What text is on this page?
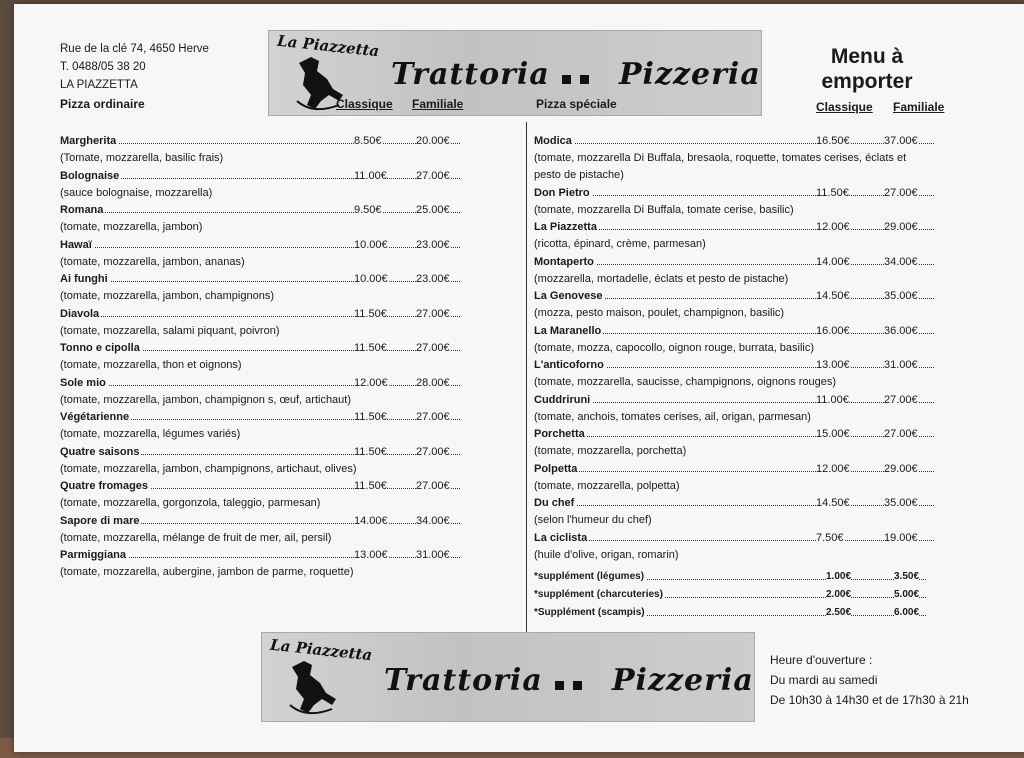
Rue de la clé 74, 4650 Herve
T. 0488/05 38 20
LA PIAZZETTA
Pizza ordinaire
La Piazzetta
Trattoria Pizzeria
Classique Familiale	Pizza spéciale
Menu à emporter
Classique Familiale
Margherita	8.50€	20.00€
(Tomate, mozzarella, basilic frais)
Bolognaise	11.00€	27.00€
(sauce bolognaise, mozzarella)
Romana	9.50€	25.00€
(tomate, mozzarella, jambon)
Hawaï	10.00€	23.00€
(tomate, mozzarella, jambon, ananas)
Ai funghi	10.00€	23.00€
(tomate, mozzarella, jambon, champignons)
Diavola	11.50€	27.00€
(tomate, mozzarella, salami piquant, poivron)
Tonno e cipolla	11.50€	27.00€
(tomate, mozzarella, thon et oignons)
Sole mio	12.00€	28.00€
(tomate, mozzarella, jambon, champignon s, œuf, artichaut)
Végétarienne	11.50€	27.00€
(tomate, mozzarella, légumes variés)
Quatre saisons	11.50€	27.00€
(tomate, mozzarella, jambon, champignons, artichaut, olives)
Quatre fromages	11.50€	27.00€
(tomate, mozzarella, gorgonzola, taleggio, parmesan)
Sapore di mare	14.00€	34.00€
(tomate, mozzarella, mélange de fruit de mer, ail, persil)
Parmiggiana	13.00€	31.00€
(tomate, mozzarella, aubergine, jambon de parme, roquette)
Modica	16.50€	37.00€
(tomate, mozzarella Di Buffala, bresaola, roquette, tomates cerises, éclats et
pesto de pistache)
Don Pietro	11.50€	27.00€
(tomate, mozzarella Di Buffala, tomate cerise, basilic)
La Piazzetta	12.00€	29.00€
(ricotta, épinard, crème, parmesan)
Montaperto	14.00€	34.00€
(mozzarella, mortadelle, éclats et pesto de pistache)
La Genovese	14.50€	35.00€
(mozza, pesto maison, poulet, champignon, basilic)
La Maranello	16.00€	36.00€
(tomate, mozza, capocollo, oignon rouge, burrata, basilic)
L'anticoforno	13.00€	31.00€
(tomate, mozzarella, saucisse, champignons, oignons rouges)
Cuddriruni	11.00€	27.00€
(tomate, anchois, tomates cerises, ail, origan, parmesan)
Porchetta	15.00€	27.00€
(tomate, mozzarella, porchetta)
Polpetta	12.00€	29.00€
(tomate, mozzarella, polpetta)
Du chef	14.50€	35.00€
(selon l'humeur du chef)
La ciclista	7.50€	19.00€
(huile d'olive, origan, romarin)
*supplément (légumes)	1.00€	3.50€
*supplément (charcuteries)	2.00€	5.00€
*Supplément (scampis)	2.50€	6.00€
La Piazzetta
Trattoria Pizzeria
Heure d'ouverture :
Du mardi au samedi
De 10h30 à 14h30 et de 17h30 à 21h
